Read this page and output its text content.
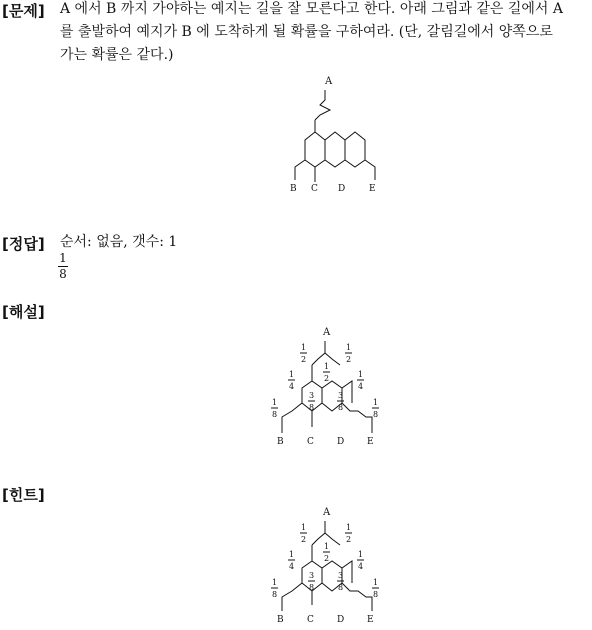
[문제] A 에서 B 까지 가야하는 예지는 길을 잘 모른다고 한다. 아래 그림과 같은 길에서 A
를 출발하여 예지가 B 에 도착하게 될 확률을 구하여라. (단, 갈림길에서 양쪽으로
가는 확률은 같다.)
A
B C D	E
[정답] 순서: 없음, 갯수: 1
1
8
[해설]
A
1
2
1
2
1
2
1
4
1
4
3
8
3
8
1
8
1
8
B	C	D	E
[힌트]
A
1
2
1
2
1
2
1
4
1
4
3
8
3
8
1
8
1
8
B	C	D	E
